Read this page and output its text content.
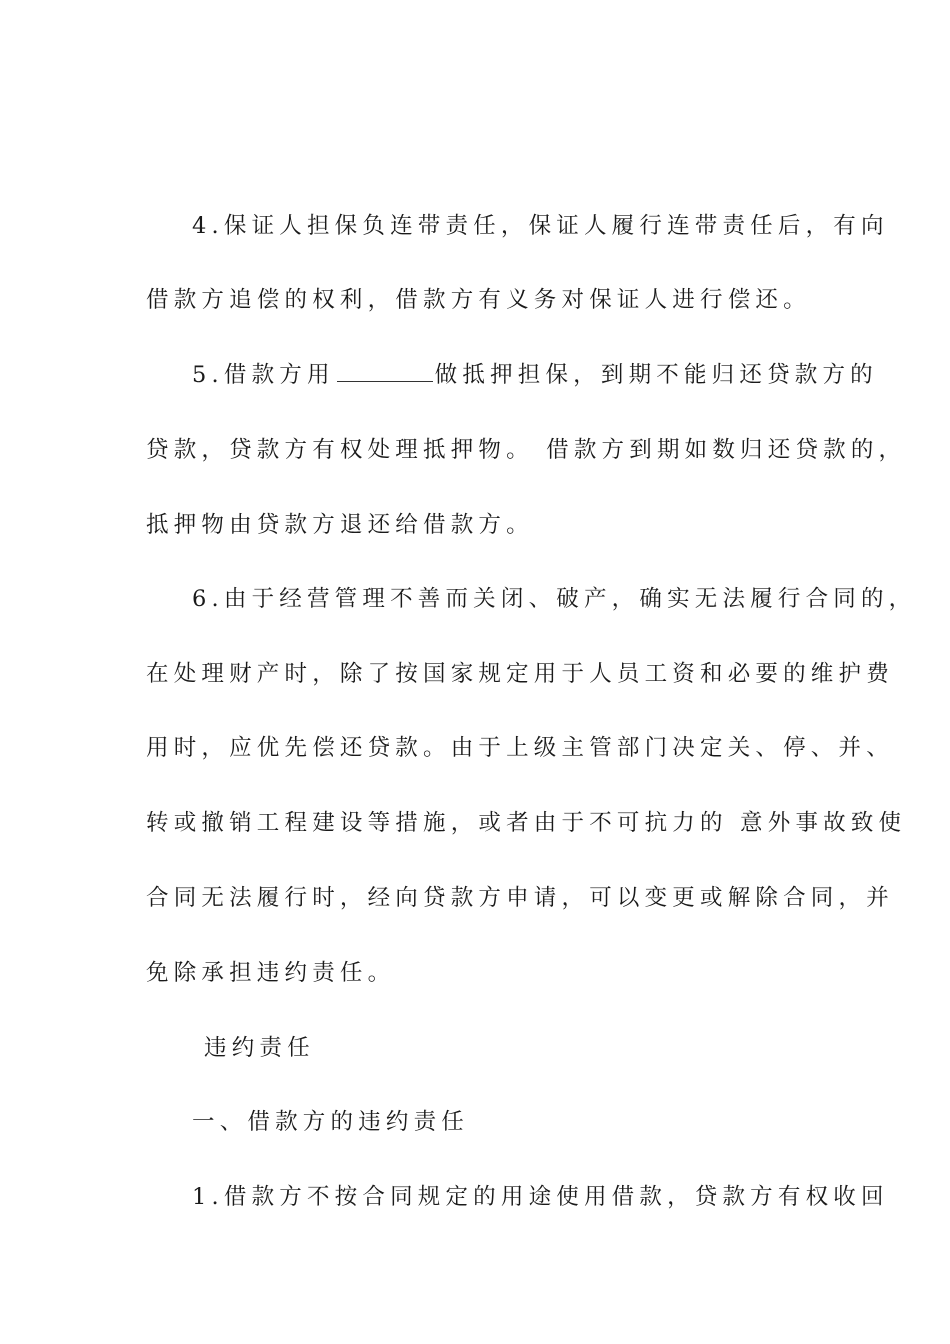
4.保证人担保负连带责任，保证人履行连带责任后，有向
借款方追偿的权利，借款方有义务对保证人进行偿还。
5.借款方用	做抵押担保，到期不能归还贷款方的
贷款，贷款方有权处理抵押物。 借款方到期如数归还贷款的，
抵押物由贷款方退还给借款方。
6.由于经营管理不善而关闭、破产，确实无法履行合同的，
在处理财产时，除了按国家规定用于人员工资和必要的维护费
用时，应优先偿还贷款。由于上级主管部门决定关、停、并、
转或撤销工程建设等措施，或者由于不可抗力的 意外事故致使
合同无法履行时，经向贷款方申请，可以变更或解除合同，并
免除承担违约责任。
违约责任
一、借款方的违约责任
1.借款方不按合同规定的用途使用借款，贷款方有权收回
